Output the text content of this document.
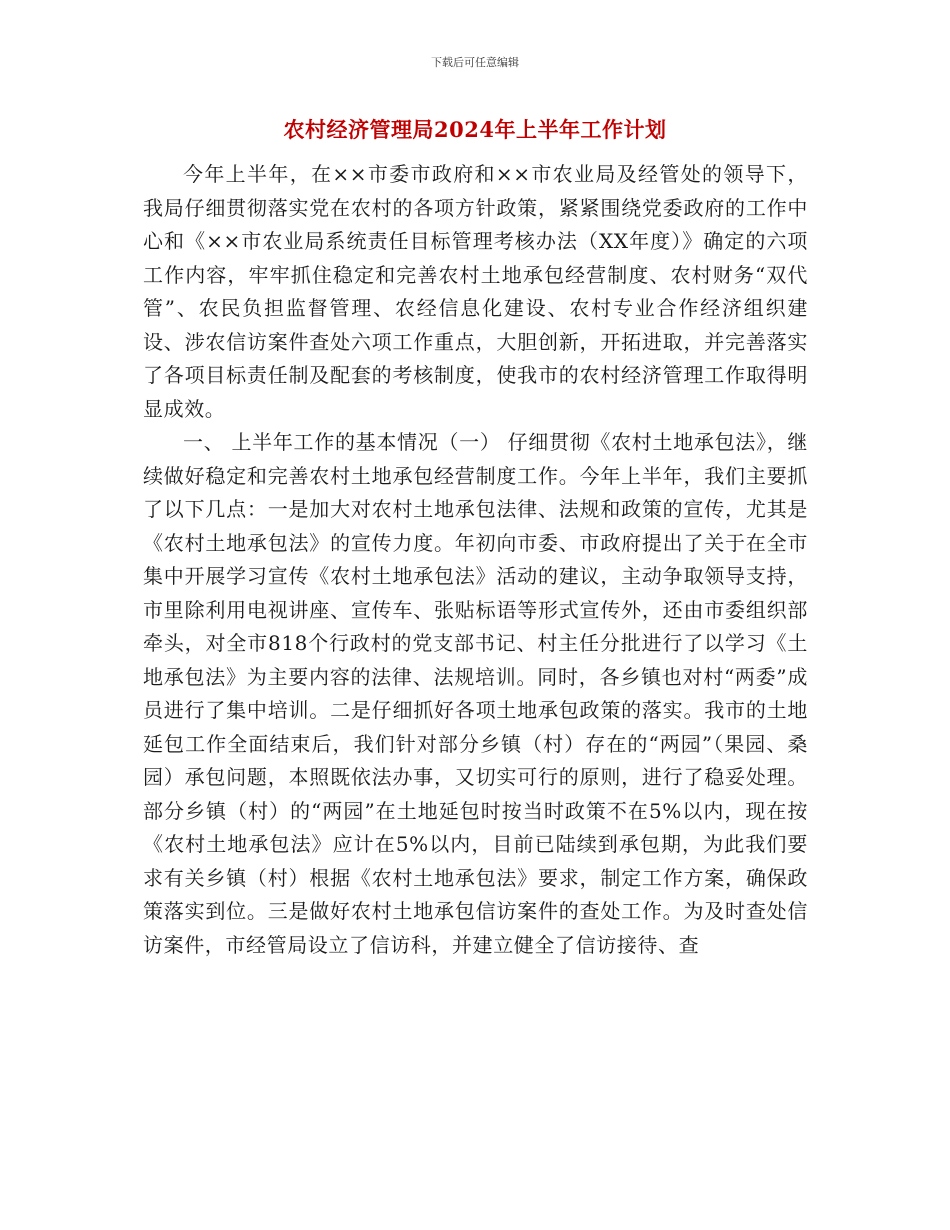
下载后可任意编辑
农村经济管理局2024年上半年工作计划

今年上半年，在××市委市政府和××市农业局及经管处的领导下，我局仔细贯彻落实党在农村的各项方针政策，紧紧围绕党委政府的工作中心和《××市农业局系统责任目标管理考核办法（XX年度）》确定的六项工作内容，牢牢抓住稳定和完善农村土地承包经营制度、农村财务“双代管”、农民负担监督管理、农经信息化建设、农村专业合作经济组织建设、涉农信访案件查处六项工作重点，大胆创新，开拓进取，并完善落实了各项目标责任制及配套的考核制度，使我市的农村经济管理工作取得明显成效。

一、 上半年工作的基本情况（一） 仔细贯彻《农村土地承包法》，继续做好稳定和完善农村土地承包经营制度工作。今年上半年，我们主要抓了以下几点：一是加大对农村土地承包法律、法规和政策的宣传，尤其是《农村土地承包法》的宣传力度。年初向市委、市政府提出了关于在全市集中开展学习宣传《农村土地承包法》活动的建议，主动争取领导支持，市里除利用电视讲座、宣传车、张贴标语等形式宣传外，还由市委组织部牵头，对全市818个行政村的党支部书记、村主任分批进行了以学习《土地承包法》为主要内容的法律、法规培训。同时，各乡镇也对村“两委”成员进行了集中培训。二是仔细抓好各项土地承包政策的落实。我市的土地延包工作全面结束后，我们针对部分乡镇（村）存在的“两园”（果园、桑园）承包问题，本照既依法办事，又切实可行的原则，进行了稳妥处理。部分乡镇（村）的“两园”在土地延包时按当时政策不在5%以内，现在按《农村土地承包法》应计在5%以内，目前已陆续到承包期，为此我们要求有关乡镇（村）根据《农村土地承包法》要求，制定工作方案，确保政策落实到位。三是做好农村土地承包信访案件的查处工作。为及时查处信访案件，市经管局设立了信访科，并建立健全了信访接待、查
